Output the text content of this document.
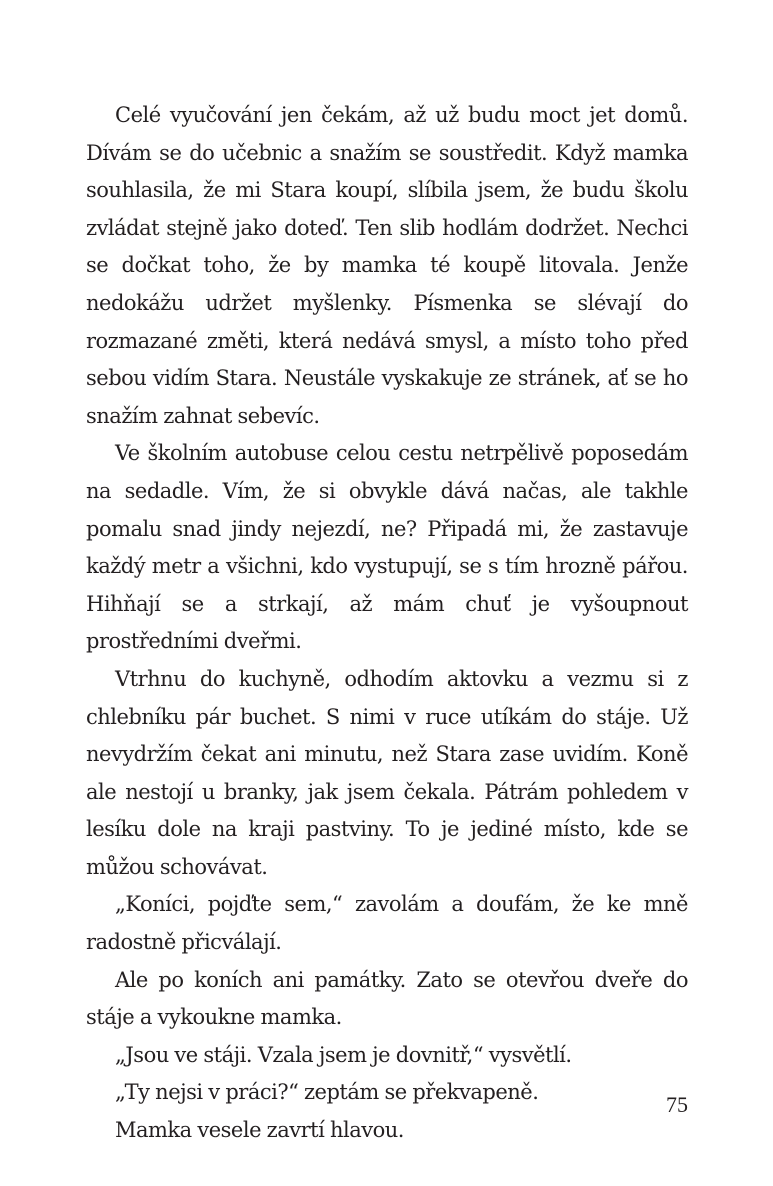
Celé vyučování jen čekám, až už budu moct jet domů. Dívám se do učebnic a snažím se soustředit. Když mamka souhlasila, že mi Stara koupí, slíbila jsem, že budu školu zvládat stejně jako doteď. Ten slib hodlám dodržet. Nechci se dočkat toho, že by mamka té koupě litovala. Jenže nedokážu udržet myšlenky. Písmenka se slévají do rozmazané změti, která nedává smysl, a místo toho před sebou vidím Stara. Neustále vyskakuje ze stránek, ať se ho snažím zahnat sebevíc.

Ve školním autobuse celou cestu netrpělivě poposedám na sedadle. Vím, že si obvykle dává načas, ale takhle pomalu snad jindy nejezdí, ne? Připadá mi, že zastavuje každý metr a všichni, kdo vystupují, se s tím hrozně pářou. Hihňají se a strkají, až mám chuť je vyšoupnout prostředními dveřmi.

Vtrhnu do kuchyně, odhodím aktovku a vezmu si z chlebníku pár buchet. S nimi v ruce utíkám do stáje. Už nevydržím čekat ani minutu, než Stara zase uvidím. Koně ale nestojí u branky, jak jsem čekala. Pátrám pohledem v lesíku dole na kraji pastviny. To je jediné místo, kde se můžou schovávat.

„Koníci, pojďte sem,“ zavolám a doufám, že ke mně radostně přicválají.

Ale po koních ani památky. Zato se otevřou dveře do stáje a vykoukne mamka.

„Jsou ve stáji. Vzala jsem je dovnitř,“ vysvětlí.

„Ty nejsi v práci?“ zeptám se překvapeně.

Mamka vesele zavrtí hlavou.

75
